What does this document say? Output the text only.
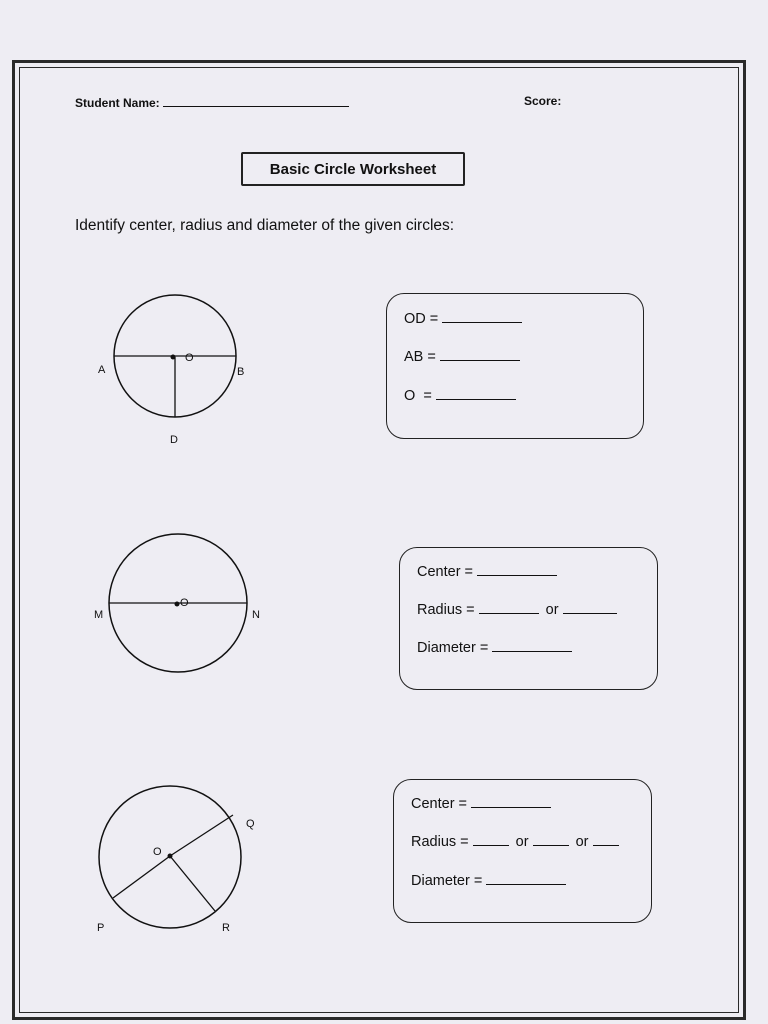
Student Name:	Score:
Basic Circle Worksheet
Identify center, radius and diameter of the given circles:
O
A	B
D
O
M	N
O
Q
P	R
OD =
AB =
O  =
Center =
Radius =	or
Diameter =
Center =
Radius =	or	or
Diameter =
